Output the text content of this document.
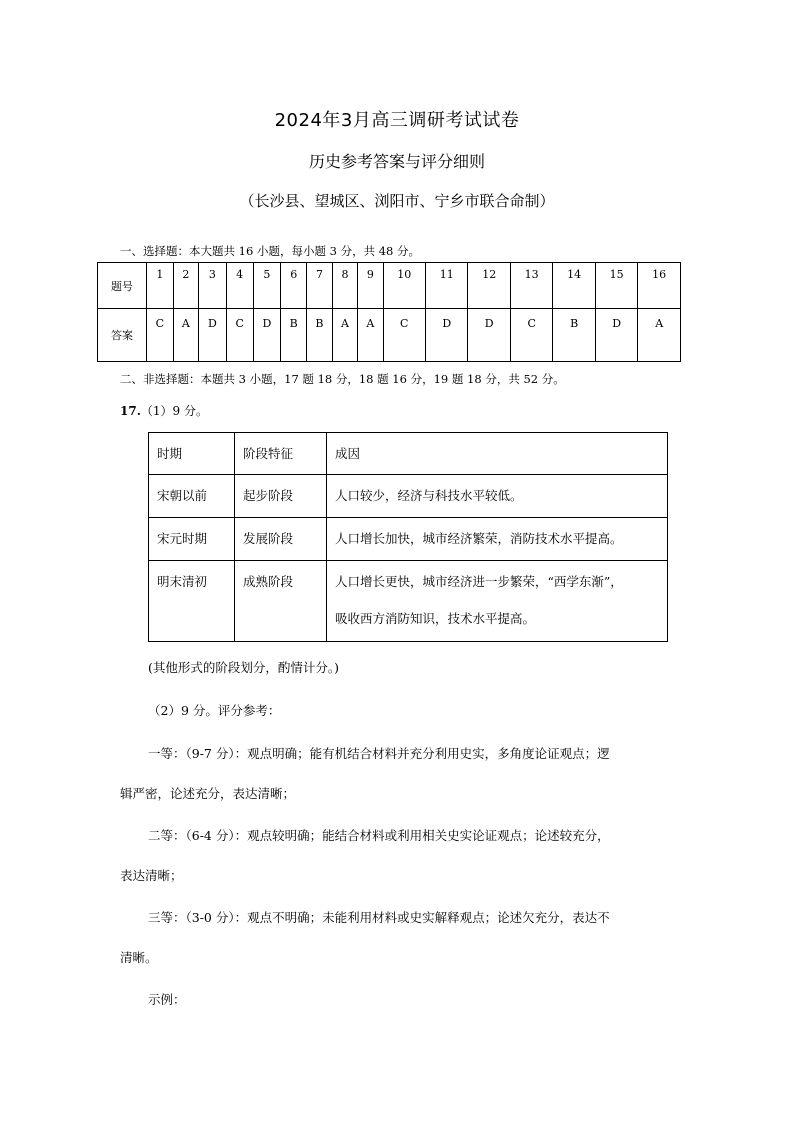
2024年3月高三调研考试试卷
历史参考答案与评分细则
（长沙县、望城区、浏阳市、宁乡市联合命制）
一、选择题：本大题共 16 小题，每小题 3 分，共 48 分。
题号	1	2	3	4	5	6	7	8	9	10	11	12	13	14	15	16
答案	C	A	D	C	D	B	B	A	A	C	D	D	C	B	D	A
二、非选择题：本题共 3 小题，17 题 18 分，18 题 16 分，19 题 18 分，共 52 分。
17.（1）9 分。
时期	阶段特征	成因
宋朝以前	起步阶段	人口较少，经济与科技水平较低。
宋元时期	发展阶段	人口增长加快，城市经济繁荣，消防技术水平提高。
明末清初	成熟阶段	人口增长更快，城市经济进一步繁荣，“西学东渐”，
吸收西方消防知识，技术水平提高。
(其他形式的阶段划分，酌情计分。)
（2）9 分。评分参考：
一等：（9-7 分）：观点明确；能有机结合材料并充分利用史实，多角度论证观点；逻
辑严密，论述充分，表达清晰；
二等：（6-4 分）：观点较明确；能结合材料或利用相关史实论证观点；论述较充分，
表达清晰；
三等：（3-0 分）：观点不明确；未能利用材料或史实解释观点；论述欠充分，表达不
清晰。
示例：
